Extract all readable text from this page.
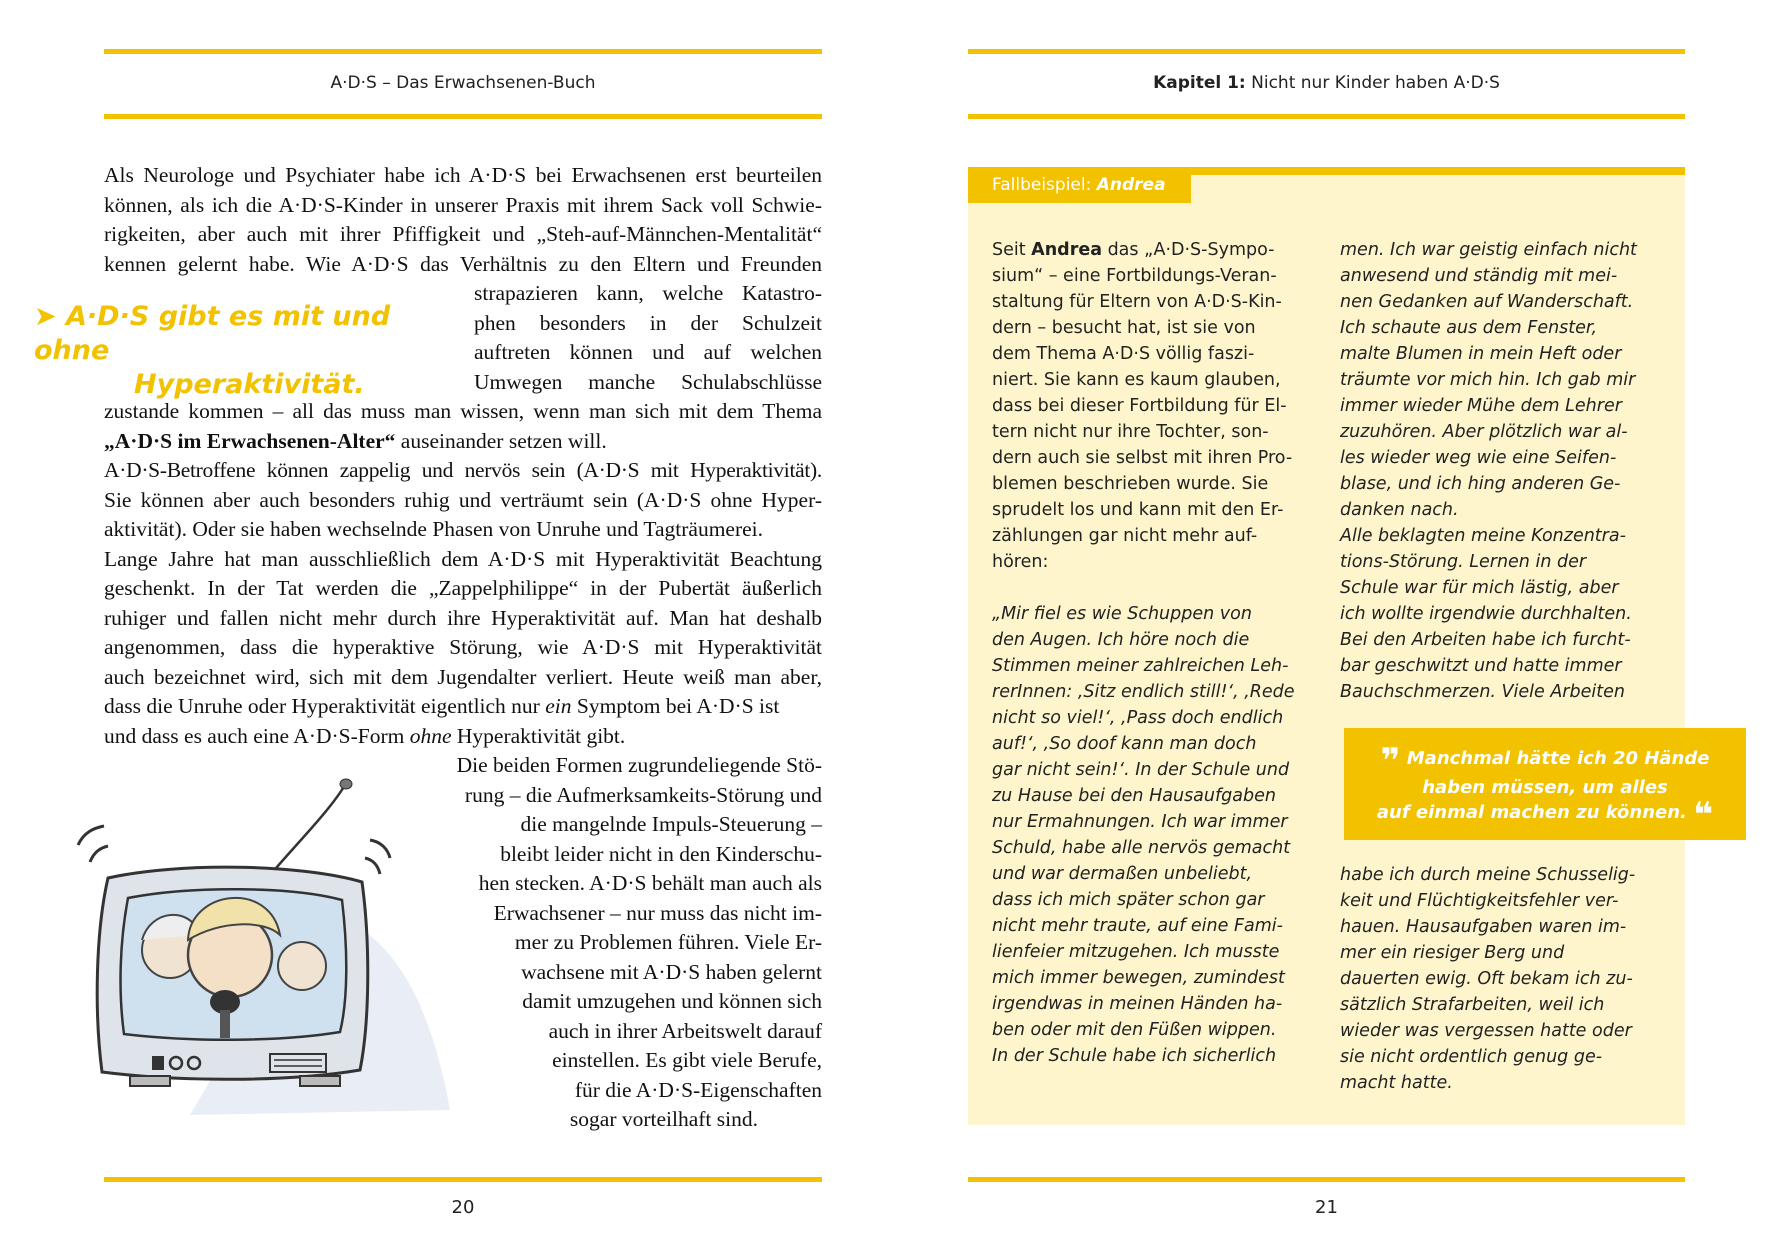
A·D·S – Das Erwachsenen-Buch
Als Neurologe und Psychiater habe ich A·D·S bei Erwachsenen erst beurteilen
können, als ich die A·D·S-Kinder in unserer Praxis mit ihrem Sack voll Schwie-
rigkeiten, aber auch mit ihrer Pfiffigkeit und „Steh-auf-Männchen-Mentalität“
kennen gelernt habe. Wie A·D·S das Verhältnis zu den Eltern und Freunden
strapazieren kann, welche Katastro-
phen besonders in der Schulzeit
auftreten können und auf welchen
Umwegen manche Schulabschlüsse
zustande kommen – all das muss man wissen, wenn man sich mit dem Thema
„A·D·S im Erwachsenen-Alter“ auseinander setzen will.
A·D·S-Betroffene können zappelig und nervös sein (A·D·S mit Hyperaktivität).
Sie können aber auch besonders ruhig und verträumt sein (A·D·S ohne Hyper-
aktivität). Oder sie haben wechselnde Phasen von Unruhe und Tagträumerei.
Lange Jahre hat man ausschließlich dem A·D·S mit Hyperaktivität Beachtung
geschenkt. In der Tat werden die „Zappelphilippe“ in der Pubertät äußerlich
ruhiger und fallen nicht mehr durch ihre Hyperaktivität auf. Man hat deshalb
angenommen, dass die hyperaktive Störung, wie A·D·S mit Hyperaktivität
auch bezeichnet wird, sich mit dem Jugendalter verliert. Heute weiß man aber,
dass die Unruhe oder Hyperaktivität eigentlich nur ein Symptom bei A·D·S ist
und dass es auch eine A·D·S-Form ohne Hyperaktivität gibt.
Die beiden Formen zugrundeliegende Stö-
rung – die Aufmerksamkeits-Störung und
die mangelnde Impuls-Steuerung –
bleibt leider nicht in den Kinderschu-
hen stecken. A·D·S behält man auch als
Erwachsener – nur muss das nicht im-
mer zu Problemen führen. Viele Er-
wachsene mit A·D·S haben gelernt
damit umzugehen und können sich
auch in ihrer Arbeitswelt darauf
einstellen. Es gibt viele Berufe,
für die A·D·S-Eigenschaften
sogar vorteilhaft sind.
➤ A·D·S gibt es mit und ohne
Hyperaktivität.
20
Kapitel 1: Nicht nur Kinder haben A·D·S
Fallbeispiel: Andrea
Seit Andrea das „A·D·S-Sympo-
sium“ – eine Fortbildungs-Veran-
staltung für Eltern von A·D·S-Kin-
dern – besucht hat, ist sie von
dem Thema A·D·S völlig faszi-
niert. Sie kann es kaum glauben,
dass bei dieser Fortbildung für El-
tern nicht nur ihre Tochter, son-
dern auch sie selbst mit ihren Pro-
blemen beschrieben wurde. Sie
sprudelt los und kann mit den Er-
zählungen gar nicht mehr auf-
hören:
„Mir fiel es wie Schuppen von
den Augen. Ich höre noch die
Stimmen meiner zahlreichen Leh-
rerInnen: ‚Sitz endlich still!‘, ‚Rede
nicht so viel!‘, ‚Pass doch endlich
auf!‘, ‚So doof kann man doch
gar nicht sein!‘. In der Schule und
zu Hause bei den Hausaufgaben
nur Ermahnungen. Ich war immer
Schuld, habe alle nervös gemacht
und war dermaßen unbeliebt,
dass ich mich später schon gar
nicht mehr traute, auf eine Fami-
lienfeier mitzugehen. Ich musste
mich immer bewegen, zumindest
irgendwas in meinen Händen ha-
ben oder mit den Füßen wippen.
In der Schule habe ich sicherlich
men. Ich war geistig einfach nicht
anwesend und ständig mit mei-
nen Gedanken auf Wanderschaft.
Ich schaute aus dem Fenster,
malte Blumen in mein Heft oder
träumte vor mich hin. Ich gab mir
immer wieder Mühe dem Lehrer
zuzuhören. Aber plötzlich war al-
les wieder weg wie eine Seifen-
blase, und ich hing anderen Ge-
danken nach.
Alle beklagten meine Konzentra-
tions-Störung. Lernen in der
Schule war für mich lästig, aber
ich wollte irgendwie durchhalten.
Bei den Arbeiten habe ich furcht-
bar geschwitzt und hatte immer
Bauchschmerzen. Viele Arbeiten
habe ich durch meine Schusselig-
keit und Flüchtigkeitsfehler ver-
hauen. Hausaufgaben waren im-
mer ein riesiger Berg und
dauerten ewig. Oft bekam ich zu-
sätzlich Strafarbeiten, weil ich
wieder was vergessen hatte oder
sie nicht ordentlich genug ge-
macht hatte.
❞ Manchmal hätte ich 20 Hände
haben müssen, um alles
auf einmal machen zu können. ❝
21
